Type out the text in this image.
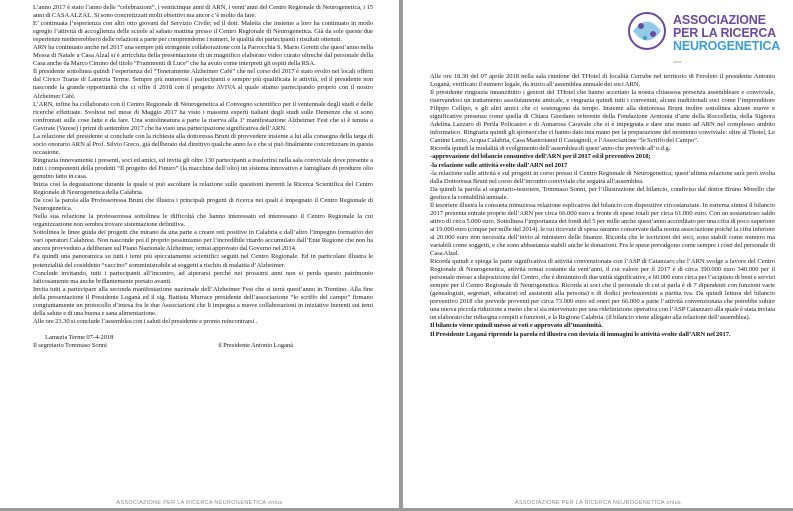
L’anno 2017 è stato l’anno delle “celebrazioni”, i venticinque anni di ARN, i venti’anni del Centro Regionale di Neurogenetica, i 15 anni di CASA ALZAL. Si sono concretizzati molti obiettivi ma ancor c’è molto da fare.

E’ continuata l’esperienza con altri otto giovani del Servizio Civile; ed il dott. Maletta che insieme a loro ha continuato in modo egregio l’attività di accoglienza delle scuole al sabato mattina presso il Centro Regionale di Neurogenetica. Già da sole queste due esperienze mettererebbero delle relazioni a parte per comprenderne i numeri, le qualità dei partecipanti i risultati ottenuti.

ARN ha continuato anche nel 2017 una sempre più stringente collaborazione con la Parrocchia S. Mario Goretti che quest’anno nella Messa di Natale a Casa Alzal si è arricchita della presentazione di un magnifico elaborato video curato oltreché dal personale della Casa anche da Marco Cimino del titolo “Frammenti di Luce” che ha avuto come interpreti gli ospiti della RSA.

Il presidente sottolinea quindi l’esperienza del “Teneramente Alzheimer Café” che nel corso del 2017 è stato svolto nei locali offerti dal Civico Trame di Lamezia Terme. Sempre più numerosi i partecipanti e sempre più qualificata le attività, ed il presidente non nasconde la grande opportunità che ci offre il 2018 con il progetto AVIVA al quale stiamo partecipando proprio con il nostro Alzheimer Café.

L’ARN, infine ha collaborato con il Centro Regionale di Neurogenetica al Convegno scientifico per il ventennale degli studi e delle ricerche effettuate. Svoltosi nel mese di Maggio 2017 ha visto i massimi esperti italiani degli studi sulle Demenze che si sono confrontati sulle cose fatte e da fare. Una sottolineatura a parte la riserva alla 1ª manifestazione Alzheimer Fest che si è tenuta a Gavirate (Varese) i primi di settembre 2017 che ha visto una partecipazione significativa dell’ARN.

La relazione del presidente si conclude con la richiesta alla dottoressa Bruni di provvedere insieme a lui alla consegna della targa di socio onorario ARN al Prof. Silvio Greco, già dellberato dal direttivo qualche anno fa e che si può finalmente concretizzare in questa occasione.

Ringrazia innovamente i presenti, soci ed amici, ed invita gli oltre 130 partecipanti a trasferirsi nella sala conviviale dove presente a tutti i componenti della prodotti “Il progetto del Futuro” (la macchina dell’olio) un sistema innovativo e famigliare di produrre olio genuino fatto in casa.

Inizia così la degustazione durante la quale si può ascoltare la relazione sulle questioni inerenti la Ricerca Scientifica del Centro Regionale di Neurogenetica della Calabria.

Da così la parola alla Professoressa Bruni che illustra i principali progetti di ricerca nei quali è impegnato il Centro Regionale di Neurogenetica.

Nella sua relazione la professoressa sottolinea le difficoltà che hanno interessato ed interessano il Centro Regionale la cui organizzazione non sembra trovare sistemazione definitiva.

Sottolinea le linee guida dei progetti che mirano da una parte a creare reti positive in Calabria e dall’altro l’impegno formativo dei vari operatori Calabresi. Non nasconde poi il proprio pessimismo per l’incredibile ritardo accumulato dall’Ente Regione che non ha ancora provveduto a deliberare sul Piano Nazionale Alzheimer, ormai approvato dal Governo nel 2014.

Fa quindi una panoramica su tutti i temi più spiccatamente scientifici seguiti nel Centro Regionale. Ed in particolare illustra le potenzialità del cosiddetto “vaccino” somministrabile ai soggetti a rischio di malattia d’Alzheimer.

Conclude invitando, tutti i partecipanti all’incontro, ad aiperarsi perché nei prossimi anni non si perda questo patrimonio faticosamente ma anche brillantemente portato avanti.

Invita tutti a partecipare alla seconda manifestazione nazionale dell’Alzheimer Fest che si terrà quest’anno in Trentino. Alla fine della presentazione il Presidente Loganà ed il sig. Battista Murrace presidente dell’associazione “lo scriffo del campo” firmano congiuntamente un protocollo d’intesa fra le due Associazioni che li impegna a nuove collaborazioni in iniziative inerenti sui temi della salute e di una buona e sana alimentazione.

Alle ore 23.30 si conclude l’assemblea con i saluti del presidente e pronto reincontrarsi .

Lamezia Terme 07-4-2018

Il segretario Tommaso Sonni	il Presidente Antonio Loganà

ASSOCIAZIONE PER LA RICERCA NEUROGENETICA onlus
ASSOCIAZIONE
PER LA RICERCA
NEUROGENETICA onlus

Alle ore 18.30 del 07 aprile 2018 nella sala riunione del THotel di località Cerrube nel territorio di Feroleto il presidente Antonio Loganà, verificato il numero legale, da inizio all’assemblea annuale dei soci ARN.

Il presidente ringrazia innanzitutto i gestori del THotel che hanno accettato la nostra chiassosa presenza assembleare e conviviale, riservandoci un trattamento assolutamente amicale, e ringrazia quindi tutti i convenuti, alcuni tradizionali soci come l’imprenditore Filippo Cellipo, e gli altri amici che ci sostengono da tempo. Insieme alla dottoressa Bruni inoltre sottolinea alcune nuove e significative presenze come quella di Chiara Giordano referente della Fondazione Armonia d’arte della Roccelletta, della Signora Adelina Lazzaro di Perila Policastro e di Annarosa Caravale che si è impegnata e dare una mano ad ARN nel complesso ambito informatico. Ringrazia quindi gli sponsor che ci hanno dato una mano per la preparazione del momento conviviale: oltre al Thotel, Le Cantine Lento, Acqua Calabria, Casa Mastroianni il Castagnoli, e l’Associazione “le Scriffo del Campo”.

Ricorda quindi la modalità di svolgimento dell’assemblea di quest’anno che prevede all’o.d.g.

-approvazione del bilancio consuntivo dell’ARN per il 2017 ed il preventivo 2018;

-la relazione sulle attività svolte dall’ARN nel 2017

-la relazione sulle attività e sul progetti in corso presso il Centro Regionale di Neurogenetica; quest’ultima relazione sarà però svolta dalla Dottoressa Bruni nel corso dell’incontro conviviale che seguirà all’assemblea.

Da quindi la parola al segretario-tesoriere, Tommaso Sonni, per l’illustrazione del bilancio, condiviso dal dottor Bruno Morello che gestisce la contabilità annuale.

Il tesoriere illustra la consueta minuziosa relazione esplicativa del bilancio con dispositive circostanziate. In estrema sintesi il bilancio 2017 presenta entrate proprie dell’ARN per circa 66.000 euro a fronte di spese totali per circa 61.000 euro. Con un sostanzioso saldo attivo di circa 5.000 euro. Sottolinea l’importanza dei fondi del 5 per mille anche quest’anno accreditato per una cifra di poco superiore ai 19.000 euro (cinque per mille del 2014). le cui ricevute di spesa saranno conservate dalla nostra associazione poiché la cifra inferiore ai 20.000 euro non necessita dell’invio al ministero delle finanze. Ricorda che le iscrizioni dei soci, sono stabili come numero ma variabili come soggetti, e che sono abbastanza stabili anche le donazioni. Fra le spese prevalgono come sempre i costi del personale di Casa Alzal.

Ricorda quindi e spiega la parte significativa di attività convenzionata con l’ASP di Catanzaro che l’ARN svolge a favore del Centro Regionale di Neurogenetica, attività ormai costante da vent’anni, il cui valore per il 2017 è di circa 390.000 euro 340.000 per il personale messo a disposizione del Centro, che è diminuito di due unità significative, e 60.000 euro circa per l’acquisto di beni e servizi sempre per il Centro Regionale di Neurogenetica. Ricorda ai soci che il personale di cui si parla è di 7 dipendenti con funzioni varie (genealogisti, segretari, educatori ed assistenti alla persona) e di dodici professionisti a partita iva. Da quindi lettura del bilancio preventivo 2018 che prevede proventi per circa 73.000 euro ed oneri per 66.000 a parte l’attività convenzionata che potrebbe subire una nuova piccola riduzione a meno che si sia intervenuto per una ridefinizione operativa con l’ASP Catanzaro alla quale è stata inviata un elaborato che ridisegna compiti e funzioni, e la Regione Calabria. (il bilancio viene allegato alla relazione dell’assemblea).

Il bilancio viene quindi messo ai voti e approvato all’unanimità.

Il Presidente Loganà riprende la parola ed illustra con dovizia di immagini le attività svolte dall’ARN nel 2017.

ASSOCIAZIONE PER LA RICERCA NEUROGENETICA onlus
